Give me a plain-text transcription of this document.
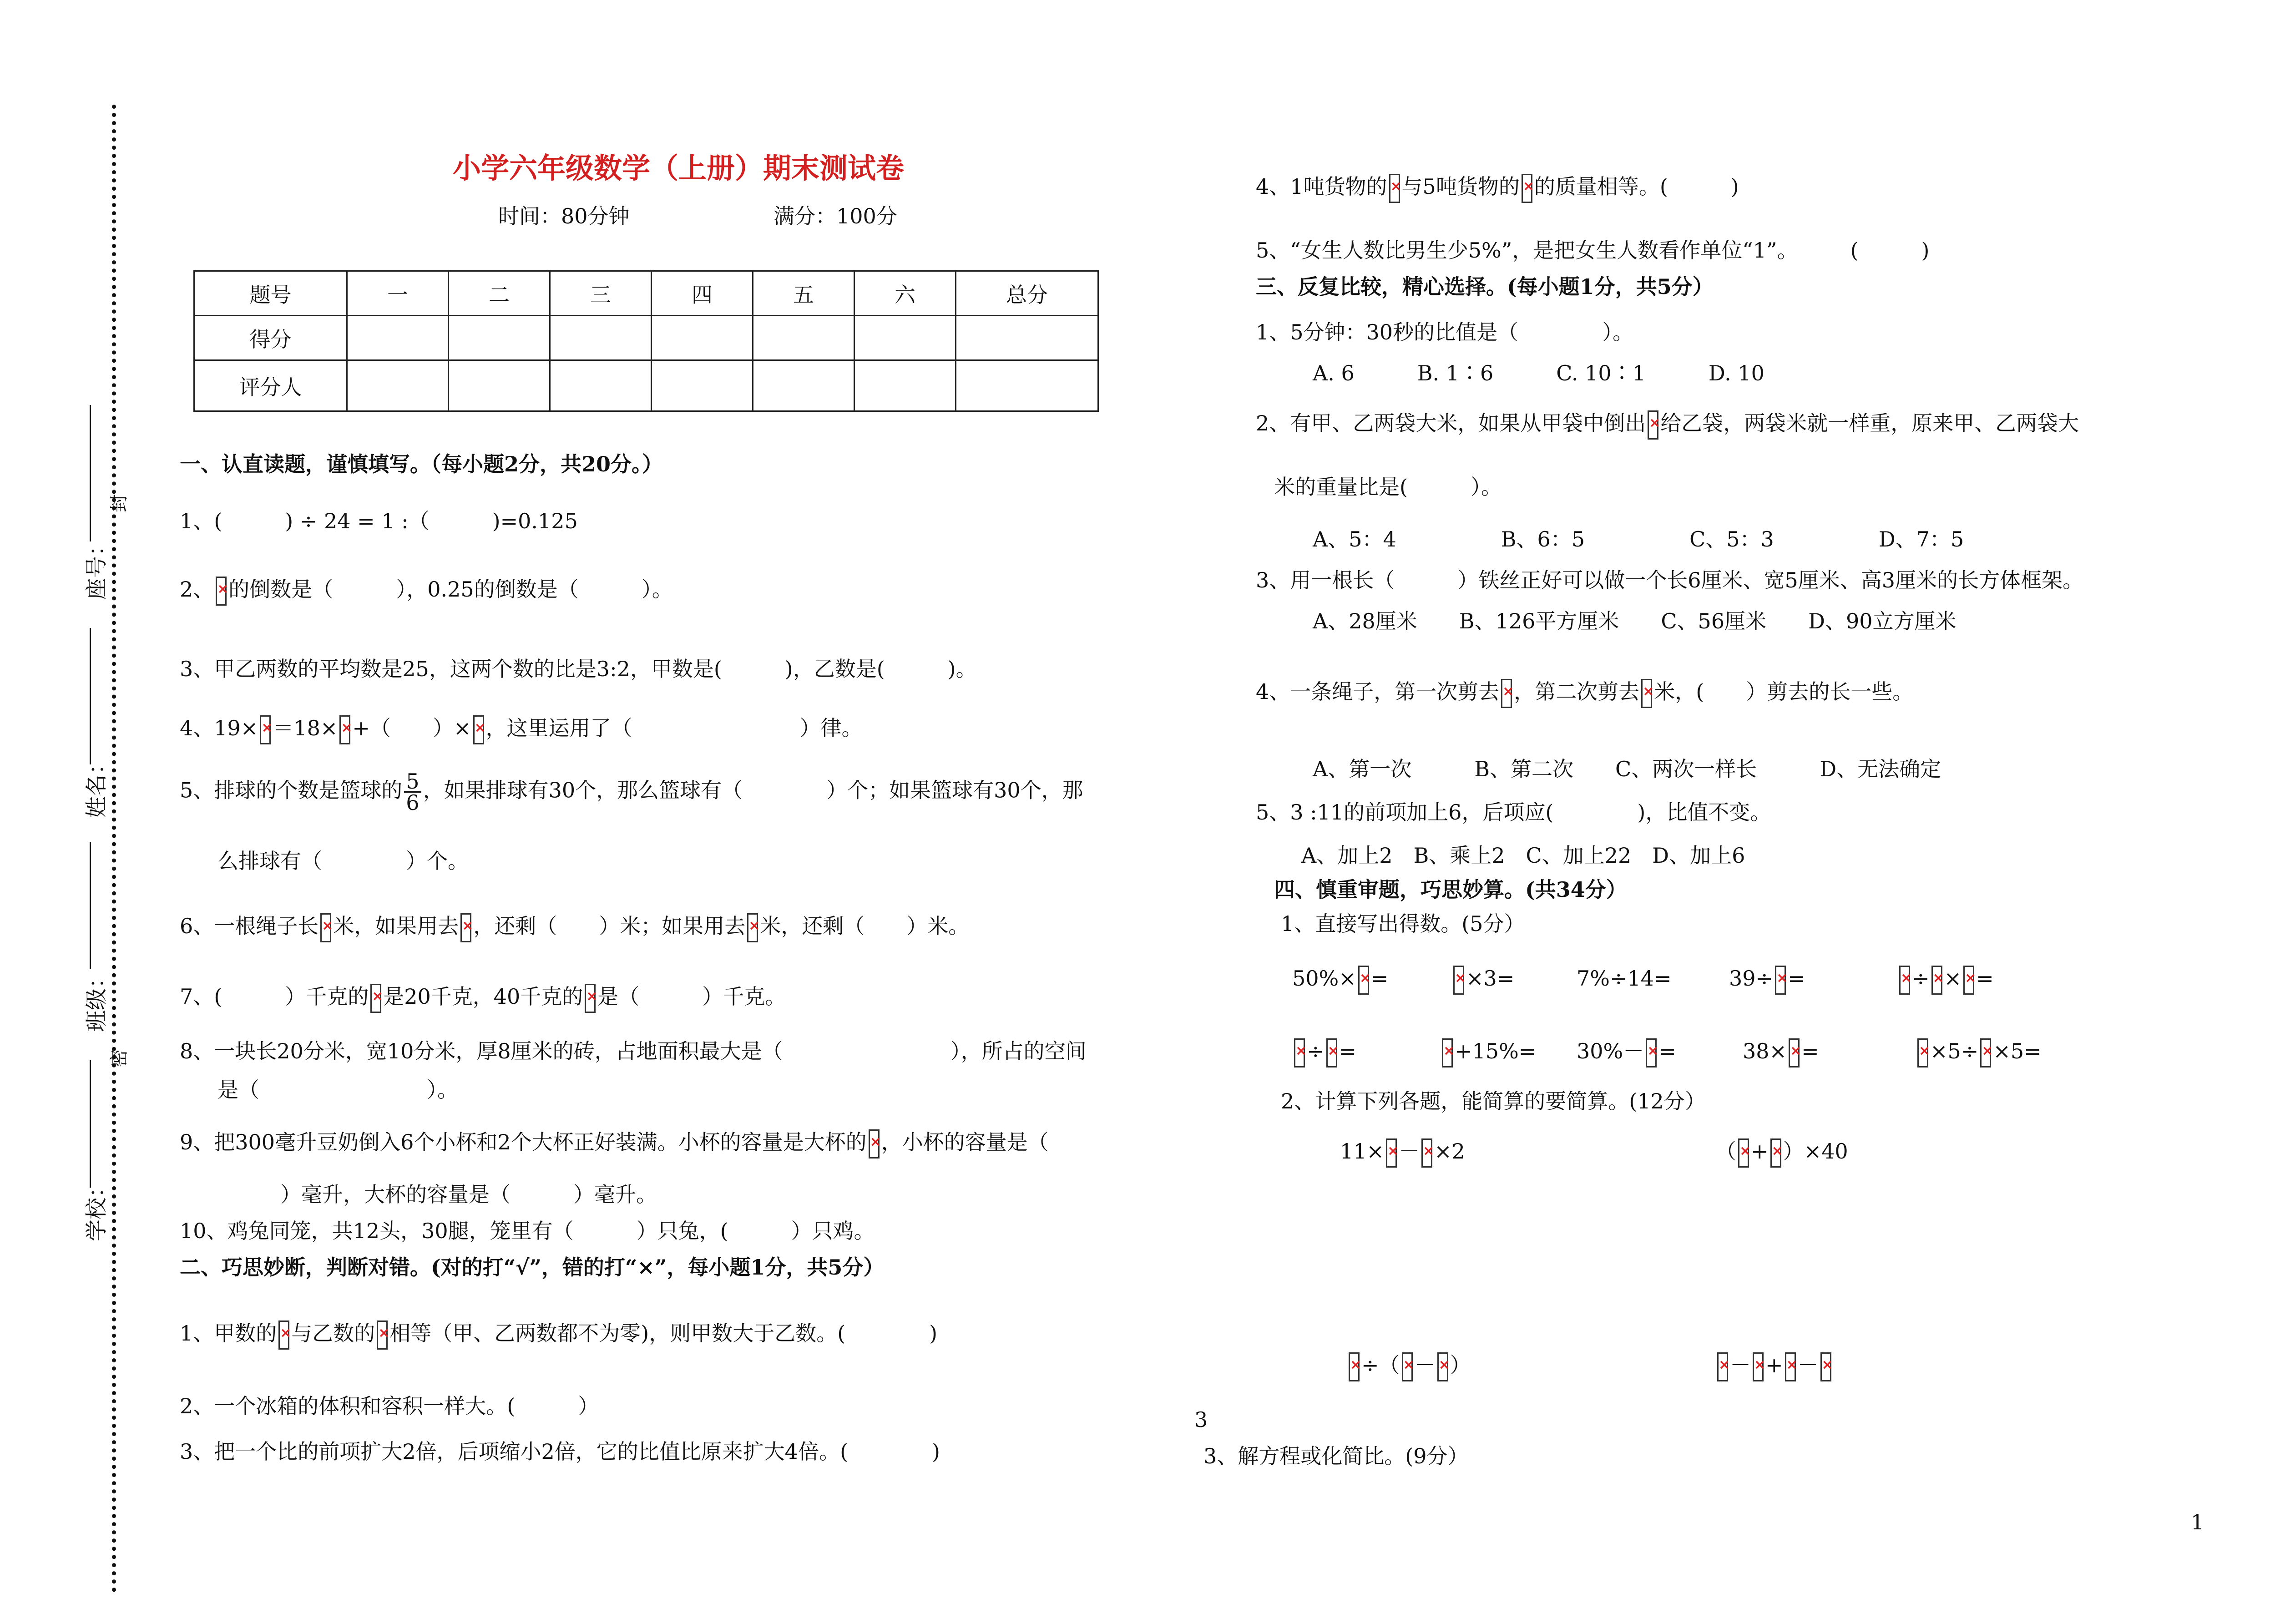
座号：
姓名：
班级：
学校：
封
密
小学六年级数学（上册）期末测试卷
时间：80分钟	满分：100分
题号	一	二	三	四	五	六	总分
得分							
评分人							
一、认直读题，谨慎填写。（每小题2分，共20分。）
1、(　　　) ÷ 24 = 1 :（　　　)=0.125
2、 × 的倒数是（　　　），0.25的倒数是（　　　）。
3、甲乙两数的平均数是25，这两个数的比是3:2，甲数是(　　　)，乙数是(　　　)。
4、19× × ＝18× × +（　　）× × ，这里运用了（　　　　　　　　）律。
5、排球的个数是篮球的 $\frac{5}{6}$ ，如果排球有30个，那么篮球有（　　　　）个；如果篮球有30个，那
么排球有（　　　　）个。
6、一根绳子长 × 米，如果用去 × ，还剩（　　）米；如果用去 × 米，还剩（　　）米。
7、(　　　）千克的 × 是20千克，40千克的 × 是（　　　）千克。
8、一块长20分米，宽10分米，厚8厘米的砖，占地面积最大是（　　　　　　　　），所占的空间
是（　　　　　　　　）。
9、把300毫升豆奶倒入6个小杯和2个大杯正好装满。小杯的容量是大杯的 × ，小杯的容量是（
　　　）毫升，大杯的容量是（　　　）毫升。
10、鸡兔同笼，共12头，30腿，笼里有（　　　）只兔，(　　　）只鸡。
二、巧思妙断，判断对错。(对的打“√”，错的打“×”，每小题1分，共5分）
1、甲数的 × 与乙数的 × 相等（甲、乙两数都不为零)，则甲数大于乙数。(　　　　)
2、一个冰箱的体积和容积一样大。(　　　）
3、把一个比的前项扩大2倍，后项缩小2倍，它的比值比原来扩大4倍。(　　　　)
4、1吨货物的 × 与5吨货物的 × 的质量相等。(　　　)
5、“女生人数比男生少5%”，是把女生人数看作单位“1”。　　　(　　　)
三、反复比较，精心选择。(每小题1分，共5分）
1、5分钟：30秒的比值是（　　　　）。
A. 6　　　B. 1∶6　　　C. 10∶1　　　D. 10
2、有甲、乙两袋大米，如果从甲袋中倒出 × 给乙袋，两袋米就一样重，原来甲、乙两袋大
米的重量比是(　　　）。
A、5：4　　　　　B、6：5　　　　　C、5：3　　　　　D、7：5
3、用一根长（　　　）铁丝正好可以做一个长6厘米、宽5厘米、高3厘米的长方体框架。
A、28厘米　　B、126平方厘米　　C、56厘米　　D、90立方厘米
4、一条绳子，第一次剪去 × ，第二次剪去 × 米，(　　）剪去的长一些。
A、第一次　　　B、第二次　　C、两次一样长　　　D、无法确定
5、3 :11的前项加上6，后项应(　　　　)，比值不变。
A、加上2　B、乘上2　C、加上22　D、加上6
四、慎重审题，巧思妙算。(共34分）
1、直接写出得数。(5分）
50%× × = ×	×3=	7%÷14=	39÷ × = ×	÷ × × × =
×÷ × = ×	+15%= 30%－ × =	38× × = ×	×5÷ × ×5=
2、计算下列各题，能简算的要简算。(12分）
11× × － × ×2	（ × + × ）×40
×÷（ × － × ） ×	－ × + × －×
3
3、解方程或化简比。(9分）
1
